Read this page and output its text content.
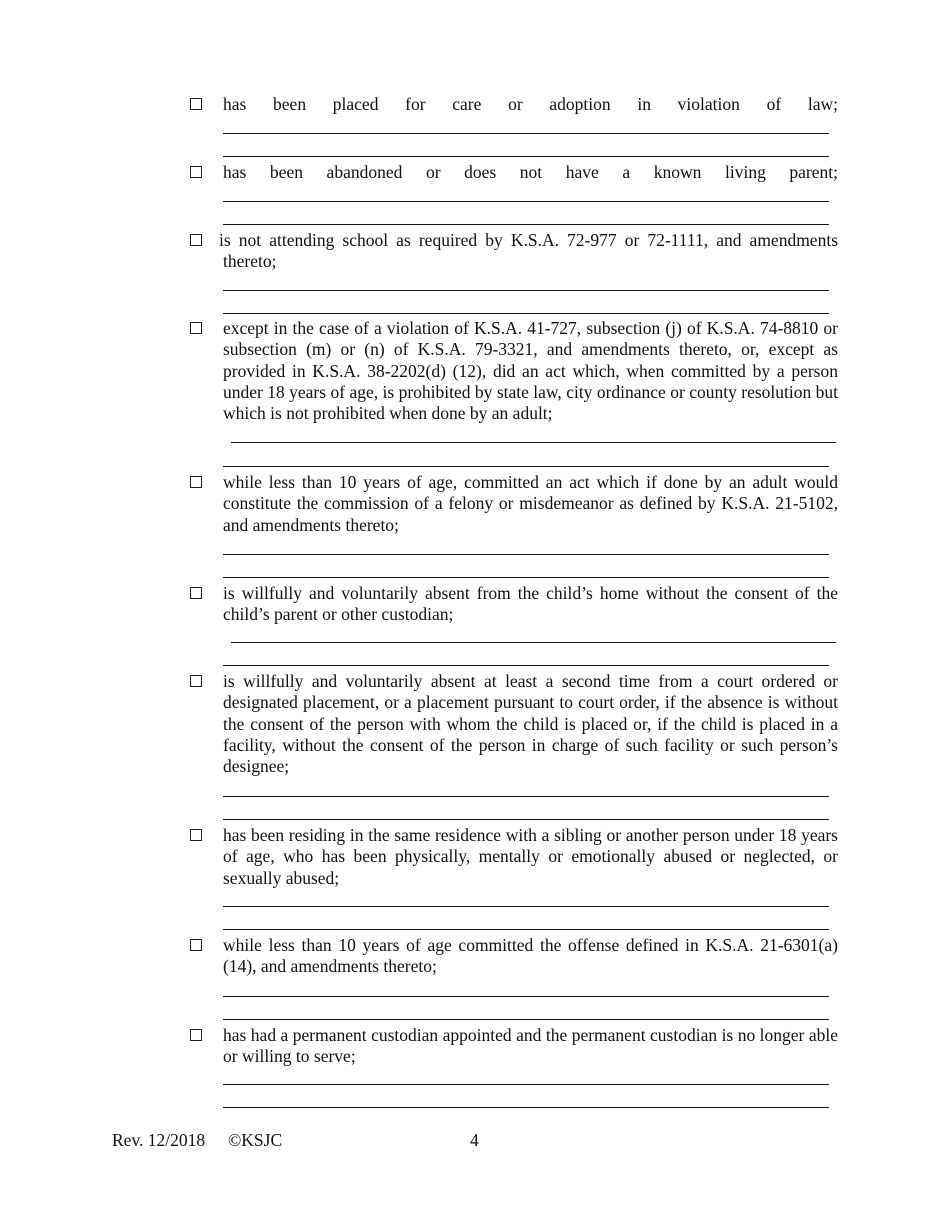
has been placed for care or adoption in violation of law;
has been abandoned or does not have a known living parent;
is not attending school as required by K.S.A. 72-977 or 72-1111, and amendments thereto;
except in the case of a violation of K.S.A. 41-727, subsection (j) of K.S.A. 74-8810 or subsection (m) or (n) of K.S.A. 79-3321, and amendments thereto, or, except as provided in K.S.A. 38-2202(d) (12), did an act which, when committed by a person under 18 years of age, is prohibited by state law, city ordinance or county resolution but which is not prohibited when done by an adult;
while less than 10 years of age, committed an act which if done by an adult would constitute the commission of a felony or misdemeanor as defined by K.S.A. 21-5102, and amendments thereto;
is willfully and voluntarily absent from the child’s home without the consent of the child’s parent or other custodian;
is willfully and voluntarily absent at least a second time from a court ordered or designated placement, or a placement pursuant to court order, if the absence is without the consent of the person with whom the child is placed or, if the child is placed in a facility, without the consent of the person in charge of such facility or such person’s designee;
has been residing in the same residence with a sibling or another person under 18 years of age, who has been physically, mentally or emotionally abused or neglected, or sexually abused;
while less than 10 years of age committed the offense defined in K.S.A. 21-6301(a)(14), and amendments thereto;
has had a permanent custodian appointed and the permanent custodian is no longer able or willing to serve;
Rev. 12/2018 ©KSJC	4
